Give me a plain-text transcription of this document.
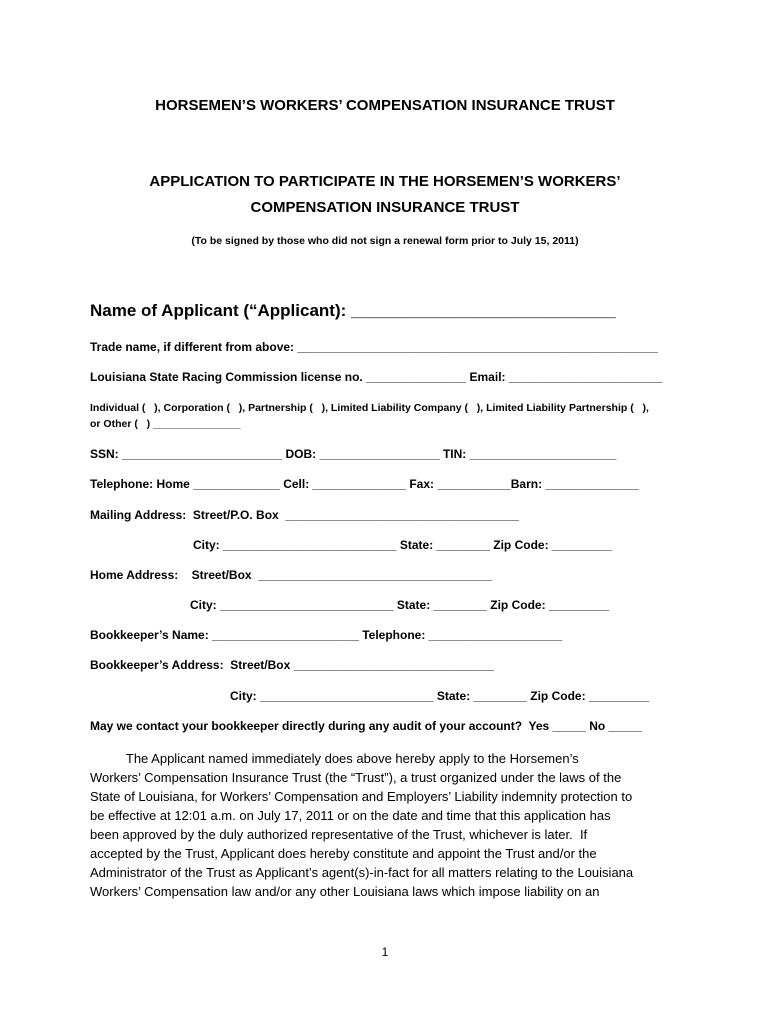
HORSEMEN’S WORKERS’ COMPENSATION INSURANCE TRUST
APPLICATION TO PARTICIPATE IN THE HORSEMEN’S WORKERS’
COMPENSATION INSURANCE TRUST
(To be signed by those who did not sign a renewal form prior to July 15, 2011)
Name of Applicant (“Applicant): ____________________________
Trade name, if different from above: ______________________________________________________
Louisiana State Racing Commission license no. _______________ Email: _______________________
Individual (   ), Corporation (   ), Partnership (   ), Limited Liability Company (   ), Limited Liability Partnership (   ),
or Other (   ) _______________
SSN: ________________________ DOB: __________________ TIN: ______________________
Telephone: Home _____________ Cell: ______________ Fax: ___________Barn: ______________
Mailing Address:  Street/P.O. Box  ___________________________________
City: __________________________ State: ________ Zip Code: _________
Home Address:    Street/Box  ___________________________________
City: __________________________ State: ________ Zip Code: _________
Bookkeeper’s Name: ______________________ Telephone: ____________________
Bookkeeper’s Address:  Street/Box ______________________________
City: __________________________ State: ________ Zip Code: _________
May we contact your bookkeeper directly during any audit of your account?  Yes _____ No _____
The Applicant named immediately does above hereby apply to the Horsemen’s
Workers’ Compensation Insurance Trust (the “Trust”), a trust organized under the laws of the
State of Louisiana, for Workers’ Compensation and Employers’ Liability indemnity protection to
be effective at 12:01 a.m. on July 17, 2011 or on the date and time that this application has
been approved by the duly authorized representative of the Trust, whichever is later.  If
accepted by the Trust, Applicant does hereby constitute and appoint the Trust and/or the
Administrator of the Trust as Applicant’s agent(s)-in-fact for all matters relating to the Louisiana
Workers’ Compensation law and/or any other Louisiana laws which impose liability on an
1
